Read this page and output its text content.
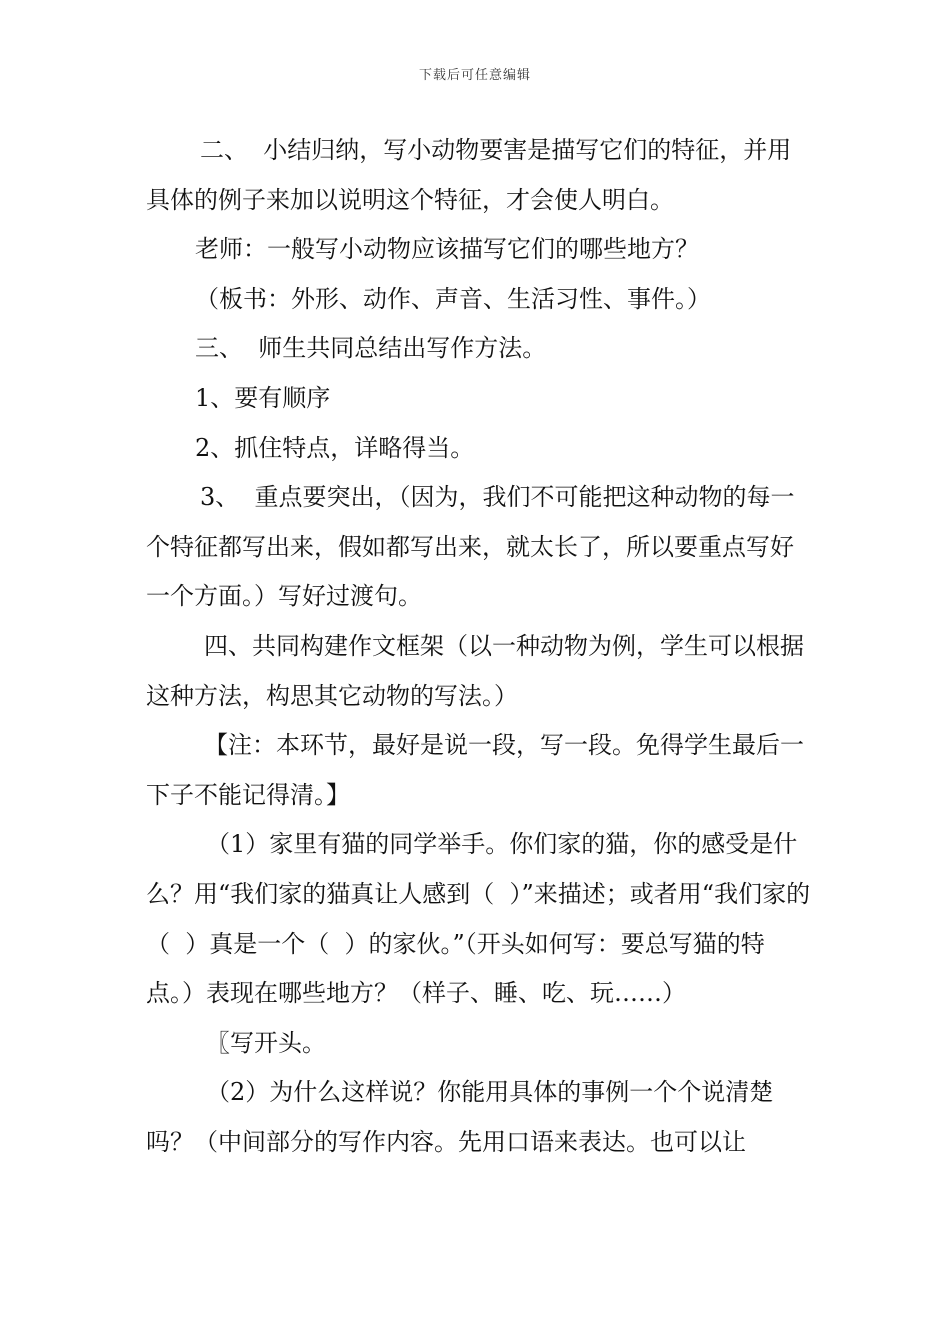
下载后可任意编辑

二、  小结归纳，写小动物要害是描写它们的特征，并用具体的例子来加以说明这个特征，才会使人明白。

老师：一般写小动物应该描写它们的哪些地方？

（板书：外形、动作、声音、生活习性、事件。）

三、  师生共同总结出写作方法。

1、要有顺序

2、抓住特点，详略得当。

3、  重点要突出，（因为，我们不可能把这种动物的每一个特征都写出来，假如都写出来，就太长了，所以要重点写好一个方面。）写好过渡句。

四、共同构建作文框架（以一种动物为例，学生可以根据这种方法，构思其它动物的写法。）

【注：本环节，最好是说一段，写一段。免得学生最后一下子不能记得清。】

（1）家里有猫的同学举手。你们家的猫，你的感受是什么？用“我们家的猫真让人感到（  ）”来描述；或者用“我们家的（  ）真是一个（  ）的家伙。”（开头如何写：要总写猫的特点。）表现在哪些地方？（样子、睡、吃、玩……）

〖写开头。

（2）为什么这样说？你能用具体的事例一个个说清楚吗？（中间部分的写作内容。先用口语来表达。也可以让
